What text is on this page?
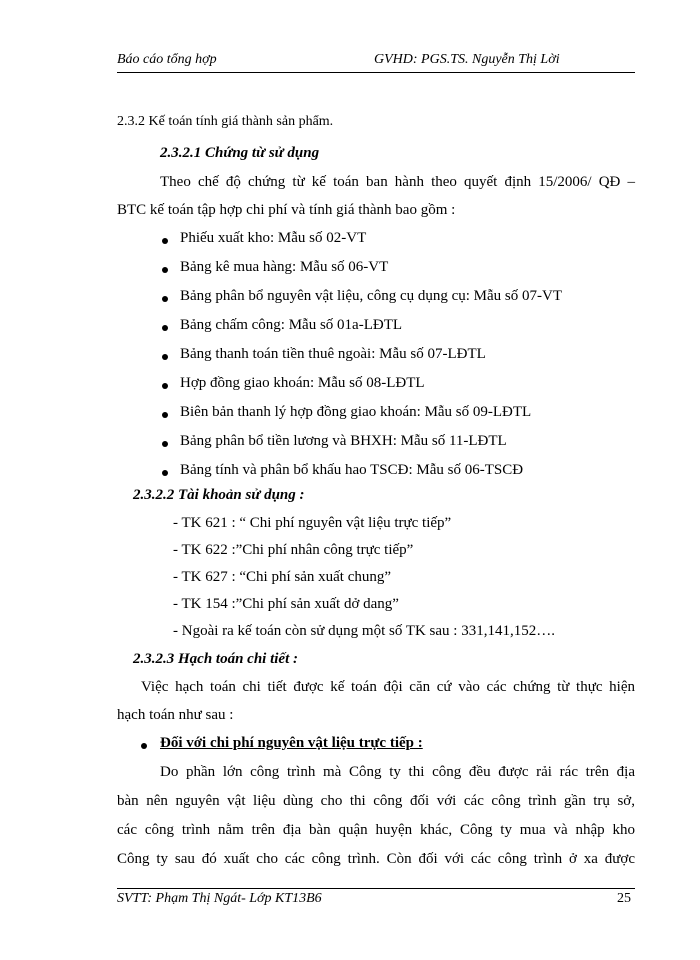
Báo cáo tổng hợp	GVHD: PGS.TS. Nguyễn Thị Lời
2.3.2 Kế toán tính giá thành sản phẩm.
2.3.2.1 Chứng từ sử dụng
Theo chế độ chứng từ kế toán ban hành theo quyết định 15/2006/ QĐ –
BTC kế toán tập hợp chi phí và tính giá thành bao gồm :
Phiếu xuất kho: Mẫu số 02-VT
Bảng kê mua hàng: Mẫu số 06-VT
Bảng phân bổ nguyên vật liệu, công cụ dụng cụ: Mẫu số 07-VT
Bảng chấm công: Mẫu số 01a-LĐTL
Bảng thanh toán tiền thuê ngoài: Mẫu số 07-LĐTL
Hợp đồng giao khoán: Mẫu số 08-LĐTL
Biên bản thanh lý hợp đồng giao khoán: Mẫu số 09-LĐTL
Bảng phân bổ tiền lương và BHXH: Mẫu số 11-LĐTL
Bảng tính và phân bổ khấu hao TSCĐ: Mẫu số 06-TSCĐ
2.3.2.2 Tài khoản sử dụng :
- TK 621 : “ Chi phí nguyên vật liệu trực tiếp”
- TK 622 :”Chi phí nhân công trực tiếp”
- TK 627 : “Chi phí sản xuất chung”
- TK 154 :”Chi phí sản xuất dở dang”
- Ngoài ra kế toán còn sử dụng một số TK sau : 331,141,152….
2.3.2.3 Hạch toán chi tiết :
Việc hạch toán chi tiết được kế toán đội căn cứ vào các chứng từ thực hiện
hạch toán như sau :
Đối với chi phí nguyên vật liệu trực tiếp :
Do phần lớn công trình mà Công ty thi công đều được rải rác trên địa
bàn nên nguyên vật liệu dùng cho thi công đối với các công trình gần trụ sở,
các công trình nằm trên địa bàn quận huyện khác, Công ty mua và nhập kho
Công ty sau đó xuất cho các công trình. Còn đối với các công trình ở xa được
SVTT: Phạm Thị Ngát- Lớp KT13B6	25
